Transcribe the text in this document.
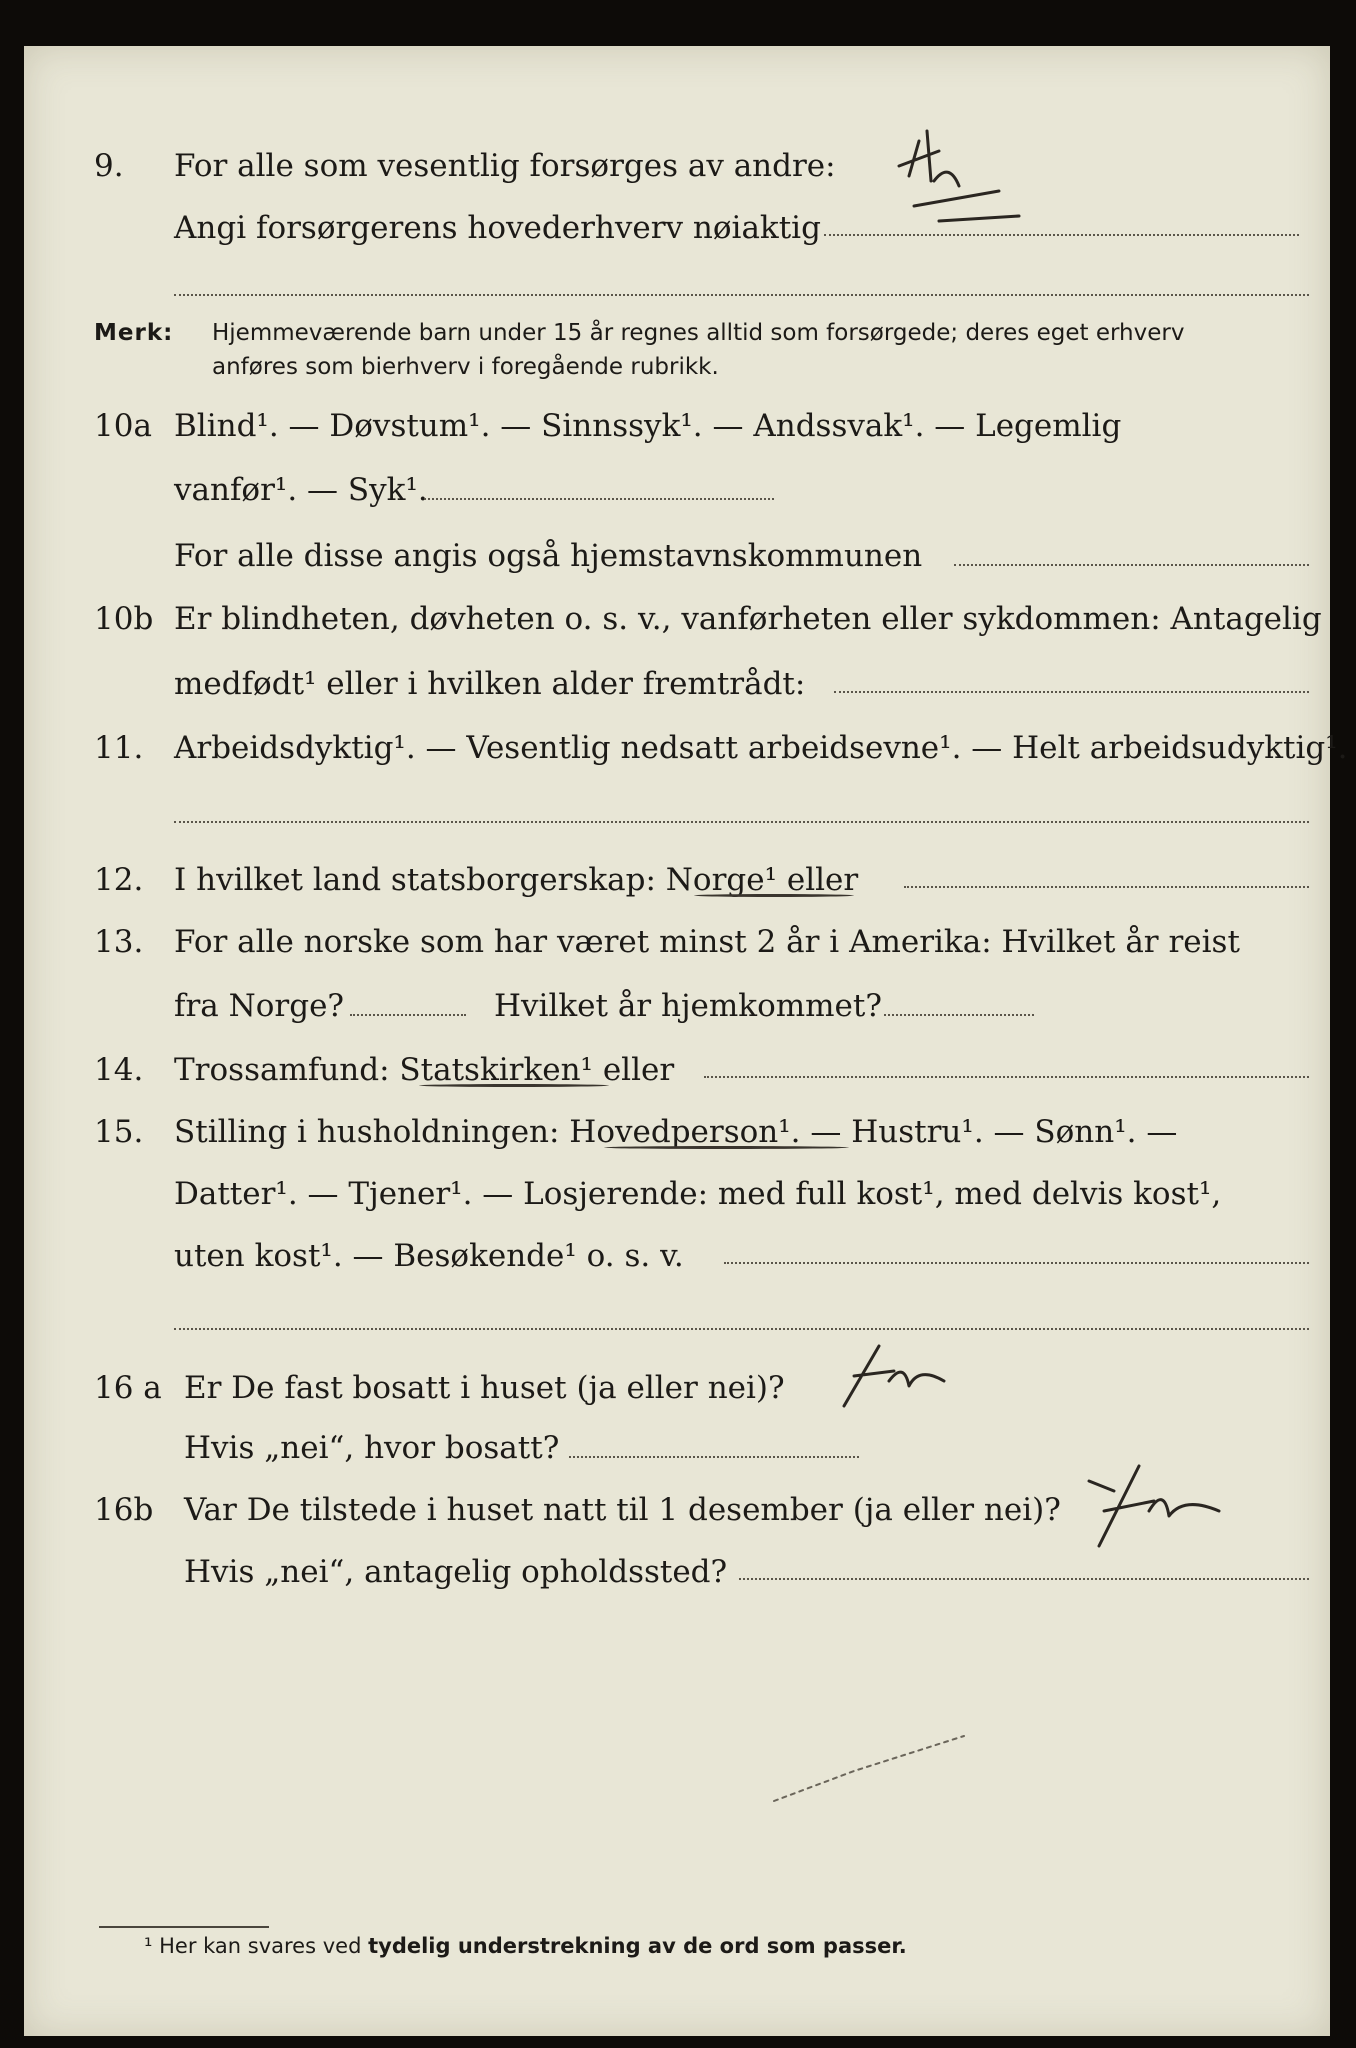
9.	For alle som vesentlig forsørges av andre:
Angi forsørgerens hovederhverv nøiaktig
Merk: Hjemmeværende barn under 15 år regnes alltid som forsørgede; deres eget erhverv
anføres som bierhverv i foregående rubrikk.
10a Blind¹. — Døvstum¹. — Sinnssyk¹. — Andssvak¹. — Legemlig
vanfør¹. — Syk¹.
For alle disse angis også hjemstavnskommunen
10b Er blindheten, døvheten o. s. v., vanførheten eller sykdommen: Antagelig
medfødt¹ eller i hvilken alder fremtrådt:
11. Arbeidsdyktig¹. — Vesentlig nedsatt arbeidsevne¹. — Helt arbeidsudyktig¹.
12. I hvilket land statsborgerskap: Norge¹ eller
13. For alle norske som har været minst 2 år i Amerika: Hvilket år reist
fra Norge?	Hvilket år hjemkommet?
14. Trossamfund: Statskirken¹ eller
15. Stilling i husholdningen: Hovedperson¹. — Hustru¹. — Sønn¹. —
Datter¹. — Tjener¹. — Losjerende: med full kost¹, med delvis kost¹,
uten kost¹. — Besøkende¹ o. s. v.
16 a Er De fast bosatt i huset (ja eller nei)?
Hvis „nei“, hvor bosatt?
16b Var De tilstede i huset natt til 1 desember (ja eller nei)?
Hvis „nei“, antagelig opholdssted?
¹ Her kan svares ved tydelig understrekning av de ord som passer.
